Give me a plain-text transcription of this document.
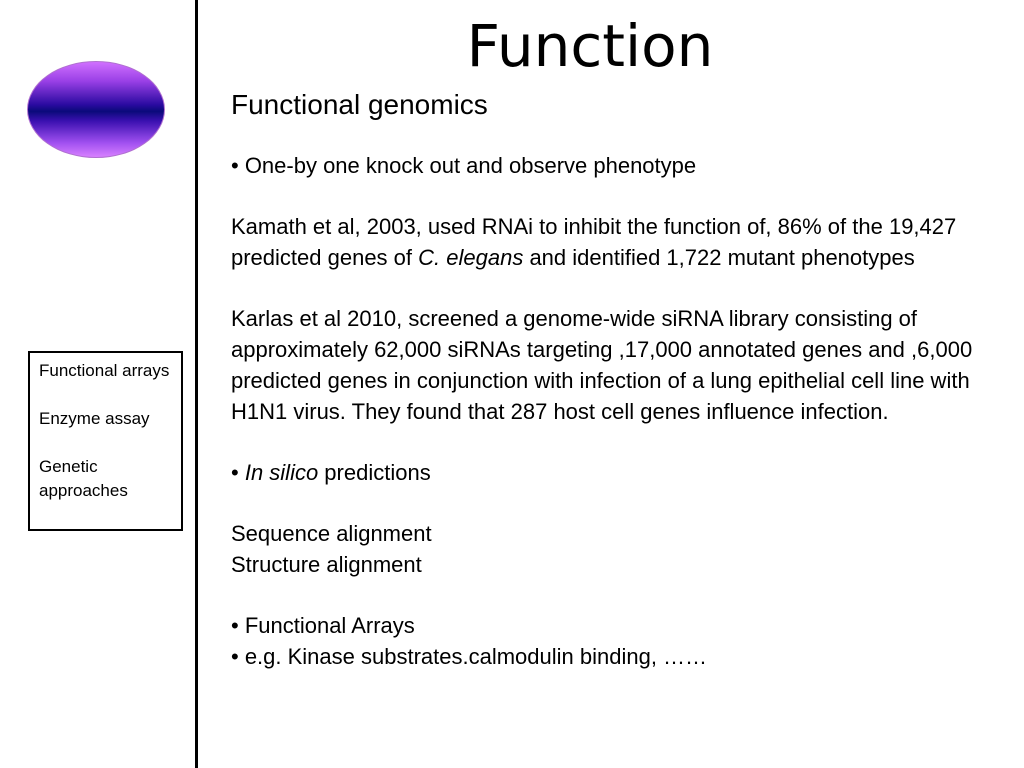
Function

Functional arrays

Enzyme assay

Genetic approaches

Functional genomics

• One-by one knock out and observe phenotype

Kamath et al, 2003, used RNAi to inhibit the function of, 86% of the 19,427 predicted genes of C. elegans and identified 1,722 mutant phenotypes

Karlas et al 2010, screened a genome-wide siRNA library consisting of approximately 62,000 siRNAs targeting ,17,000 annotated genes and ,6,000 predicted genes in conjunction with infection of a lung epithelial cell line with H1N1 virus. They found that 287 host cell genes influence infection.

• In silico predictions

Sequence alignment

Structure alignment

• Functional Arrays

• e.g. Kinase substrates.calmodulin binding, ……
